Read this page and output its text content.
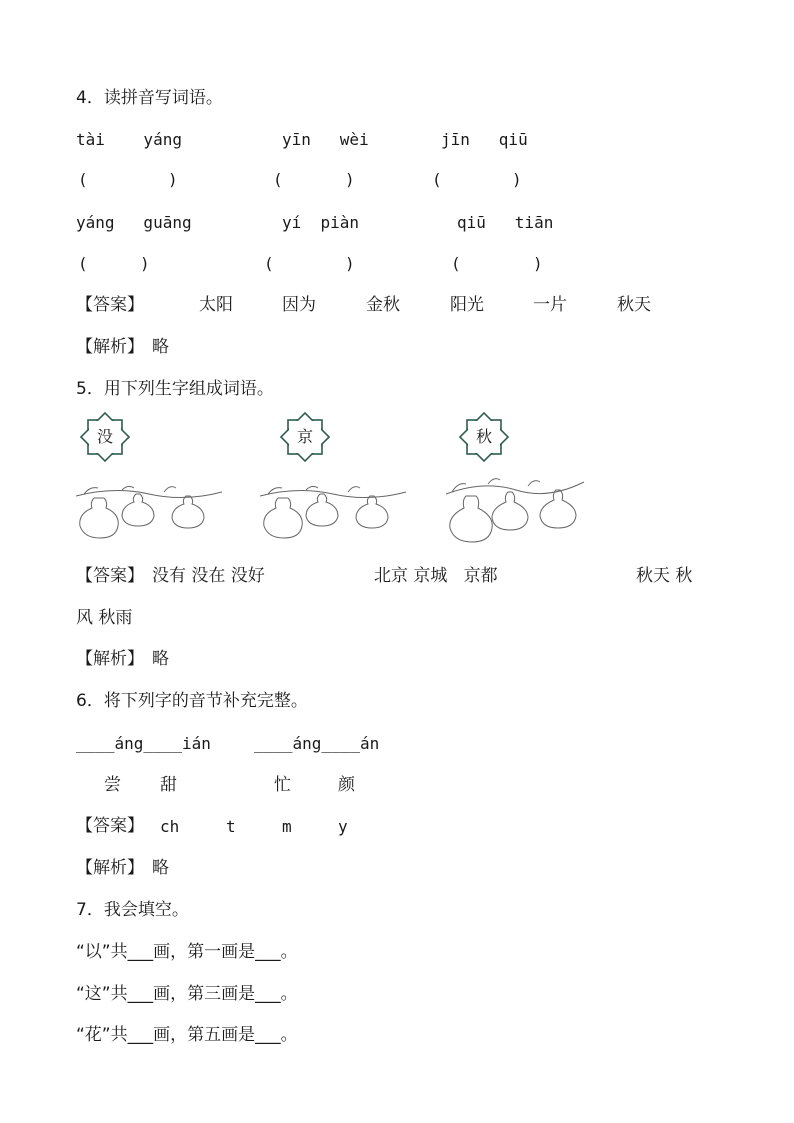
4．读拼音写词语。
tài    yáng	yīn   wèi	jīn   qiū
(	)	(	)	(	)
yáng   guāng	yí  piàn	qiū   tiān
(	)	(	)	(	)
【答案】	太阳	因为	金秋	阳光	一片	秋天
【解析】 略
5．用下列生字组成词语。
没	京	秋
【答案】 没有 没在 没好	北京 京城   京都	秋天 秋
风 秋雨
【解析】 略
6．将下列字的音节补充完整。
____áng____ián	____áng____án
尝 甜	忙	颜
【答案】 ch	t	m	y
【解析】 略
7．我会填空。
“以”共___画，第一画是___。
“这”共___画，第三画是___。
“花”共___画，第五画是___。
